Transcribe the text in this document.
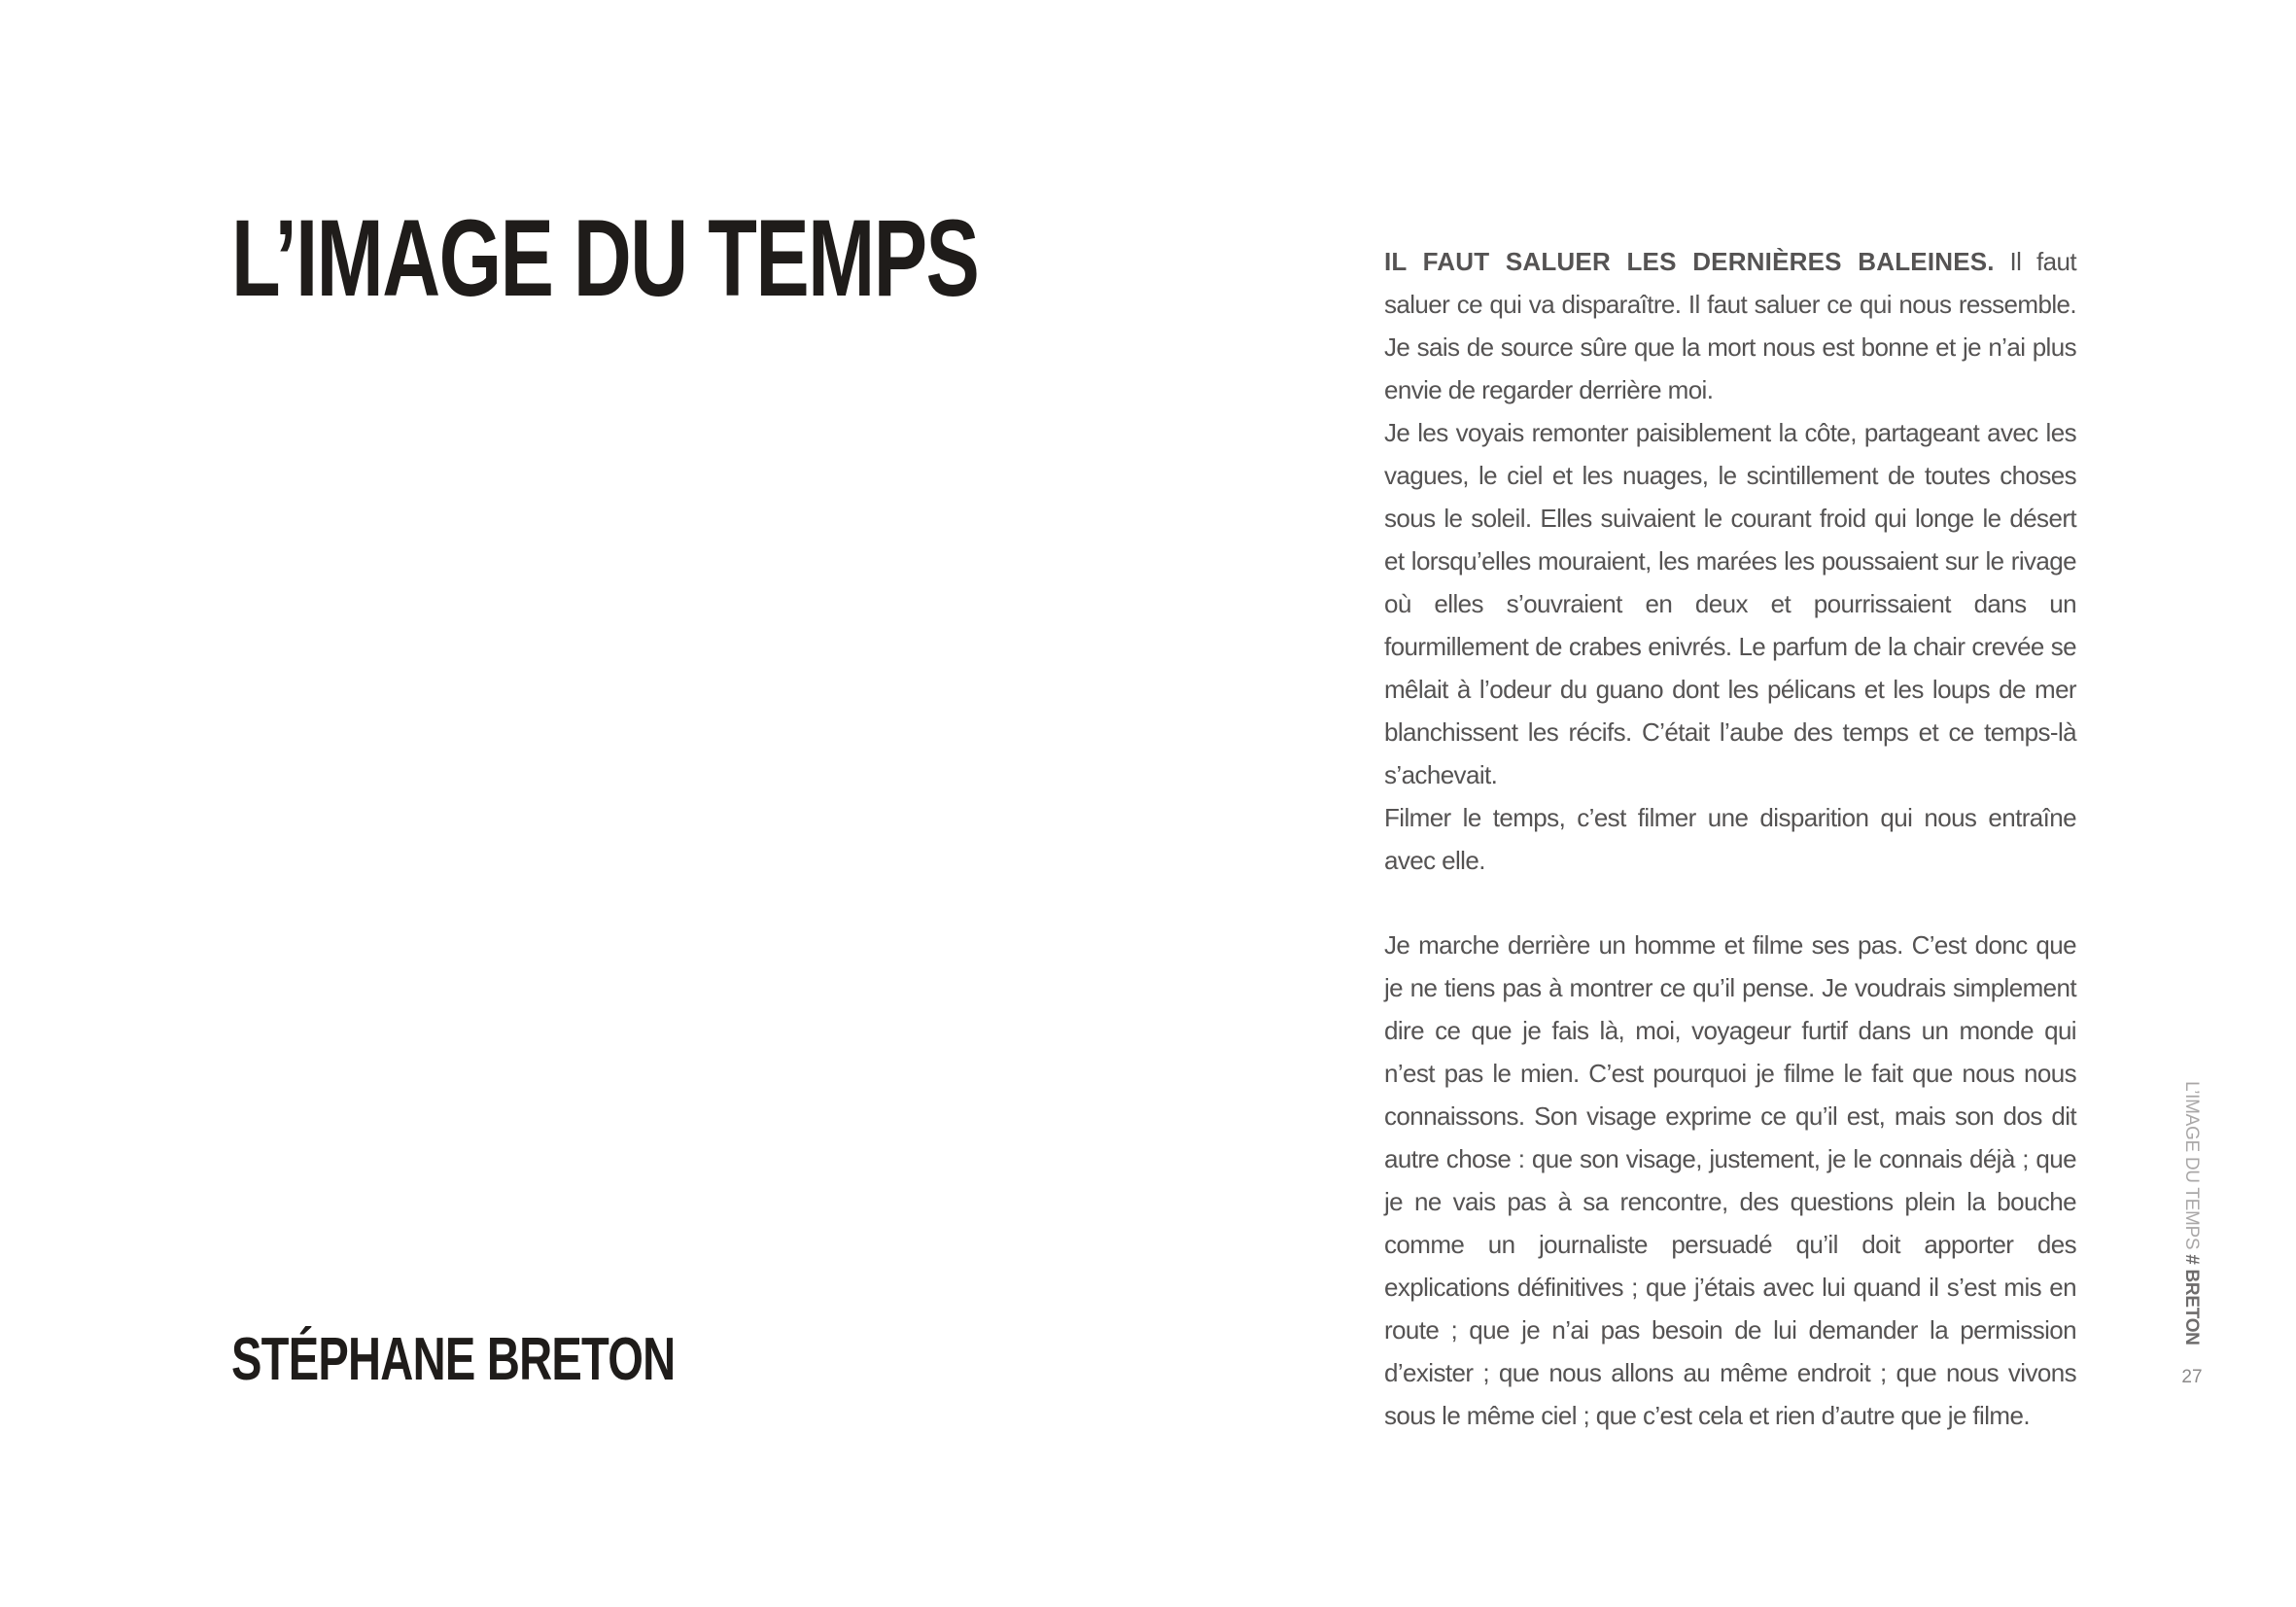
L’IMAGE DU TEMPS
STÉPHANE BRETON

IL FAUT SALUER LES DERNIÈRES BALEINES. Il faut saluer ce qui va disparaître. Il faut saluer ce qui nous ressemble. Je sais de source sûre que la mort nous est bonne et je n’ai plus envie de regarder derrière moi.

Je les voyais remonter paisiblement la côte, partageant avec les vagues, le ciel et les nuages, le scintillement de toutes choses sous le soleil. Elles suivaient le courant froid qui longe le désert et lorsqu’elles mouraient, les marées les poussaient sur le rivage où elles s’ouvraient en deux et pourrissaient dans un fourmillement de crabes enivrés. Le parfum de la chair crevée se mêlait à l’odeur du guano dont les pélicans et les loups de mer blanchissent les récifs. C’était l’aube des temps et ce temps-là s’achevait.

Filmer le temps, c’est filmer une disparition qui nous entraîne avec elle.

Je marche derrière un homme et filme ses pas. C’est donc que je ne tiens pas à montrer ce qu’il pense. Je voudrais simplement dire ce que je fais là, moi, voyageur furtif dans un monde qui n’est pas le mien. C’est pourquoi je filme le fait que nous nous connaissons. Son visage exprime ce qu’il est, mais son dos dit autre chose : que son visage, justement, je le connais déjà ; que je ne vais pas à sa rencontre, des questions plein la bouche comme un journaliste persuadé qu’il doit apporter des explications définitives ; que j’étais avec lui quand il s’est mis en route ; que je n’ai pas besoin de lui demander la permission d’exister ; que nous allons au même endroit ; que nous vivons sous le même ciel ; que c’est cela et rien d’autre que je filme.

L’IMAGE DU TEMPS # BRETON
27
